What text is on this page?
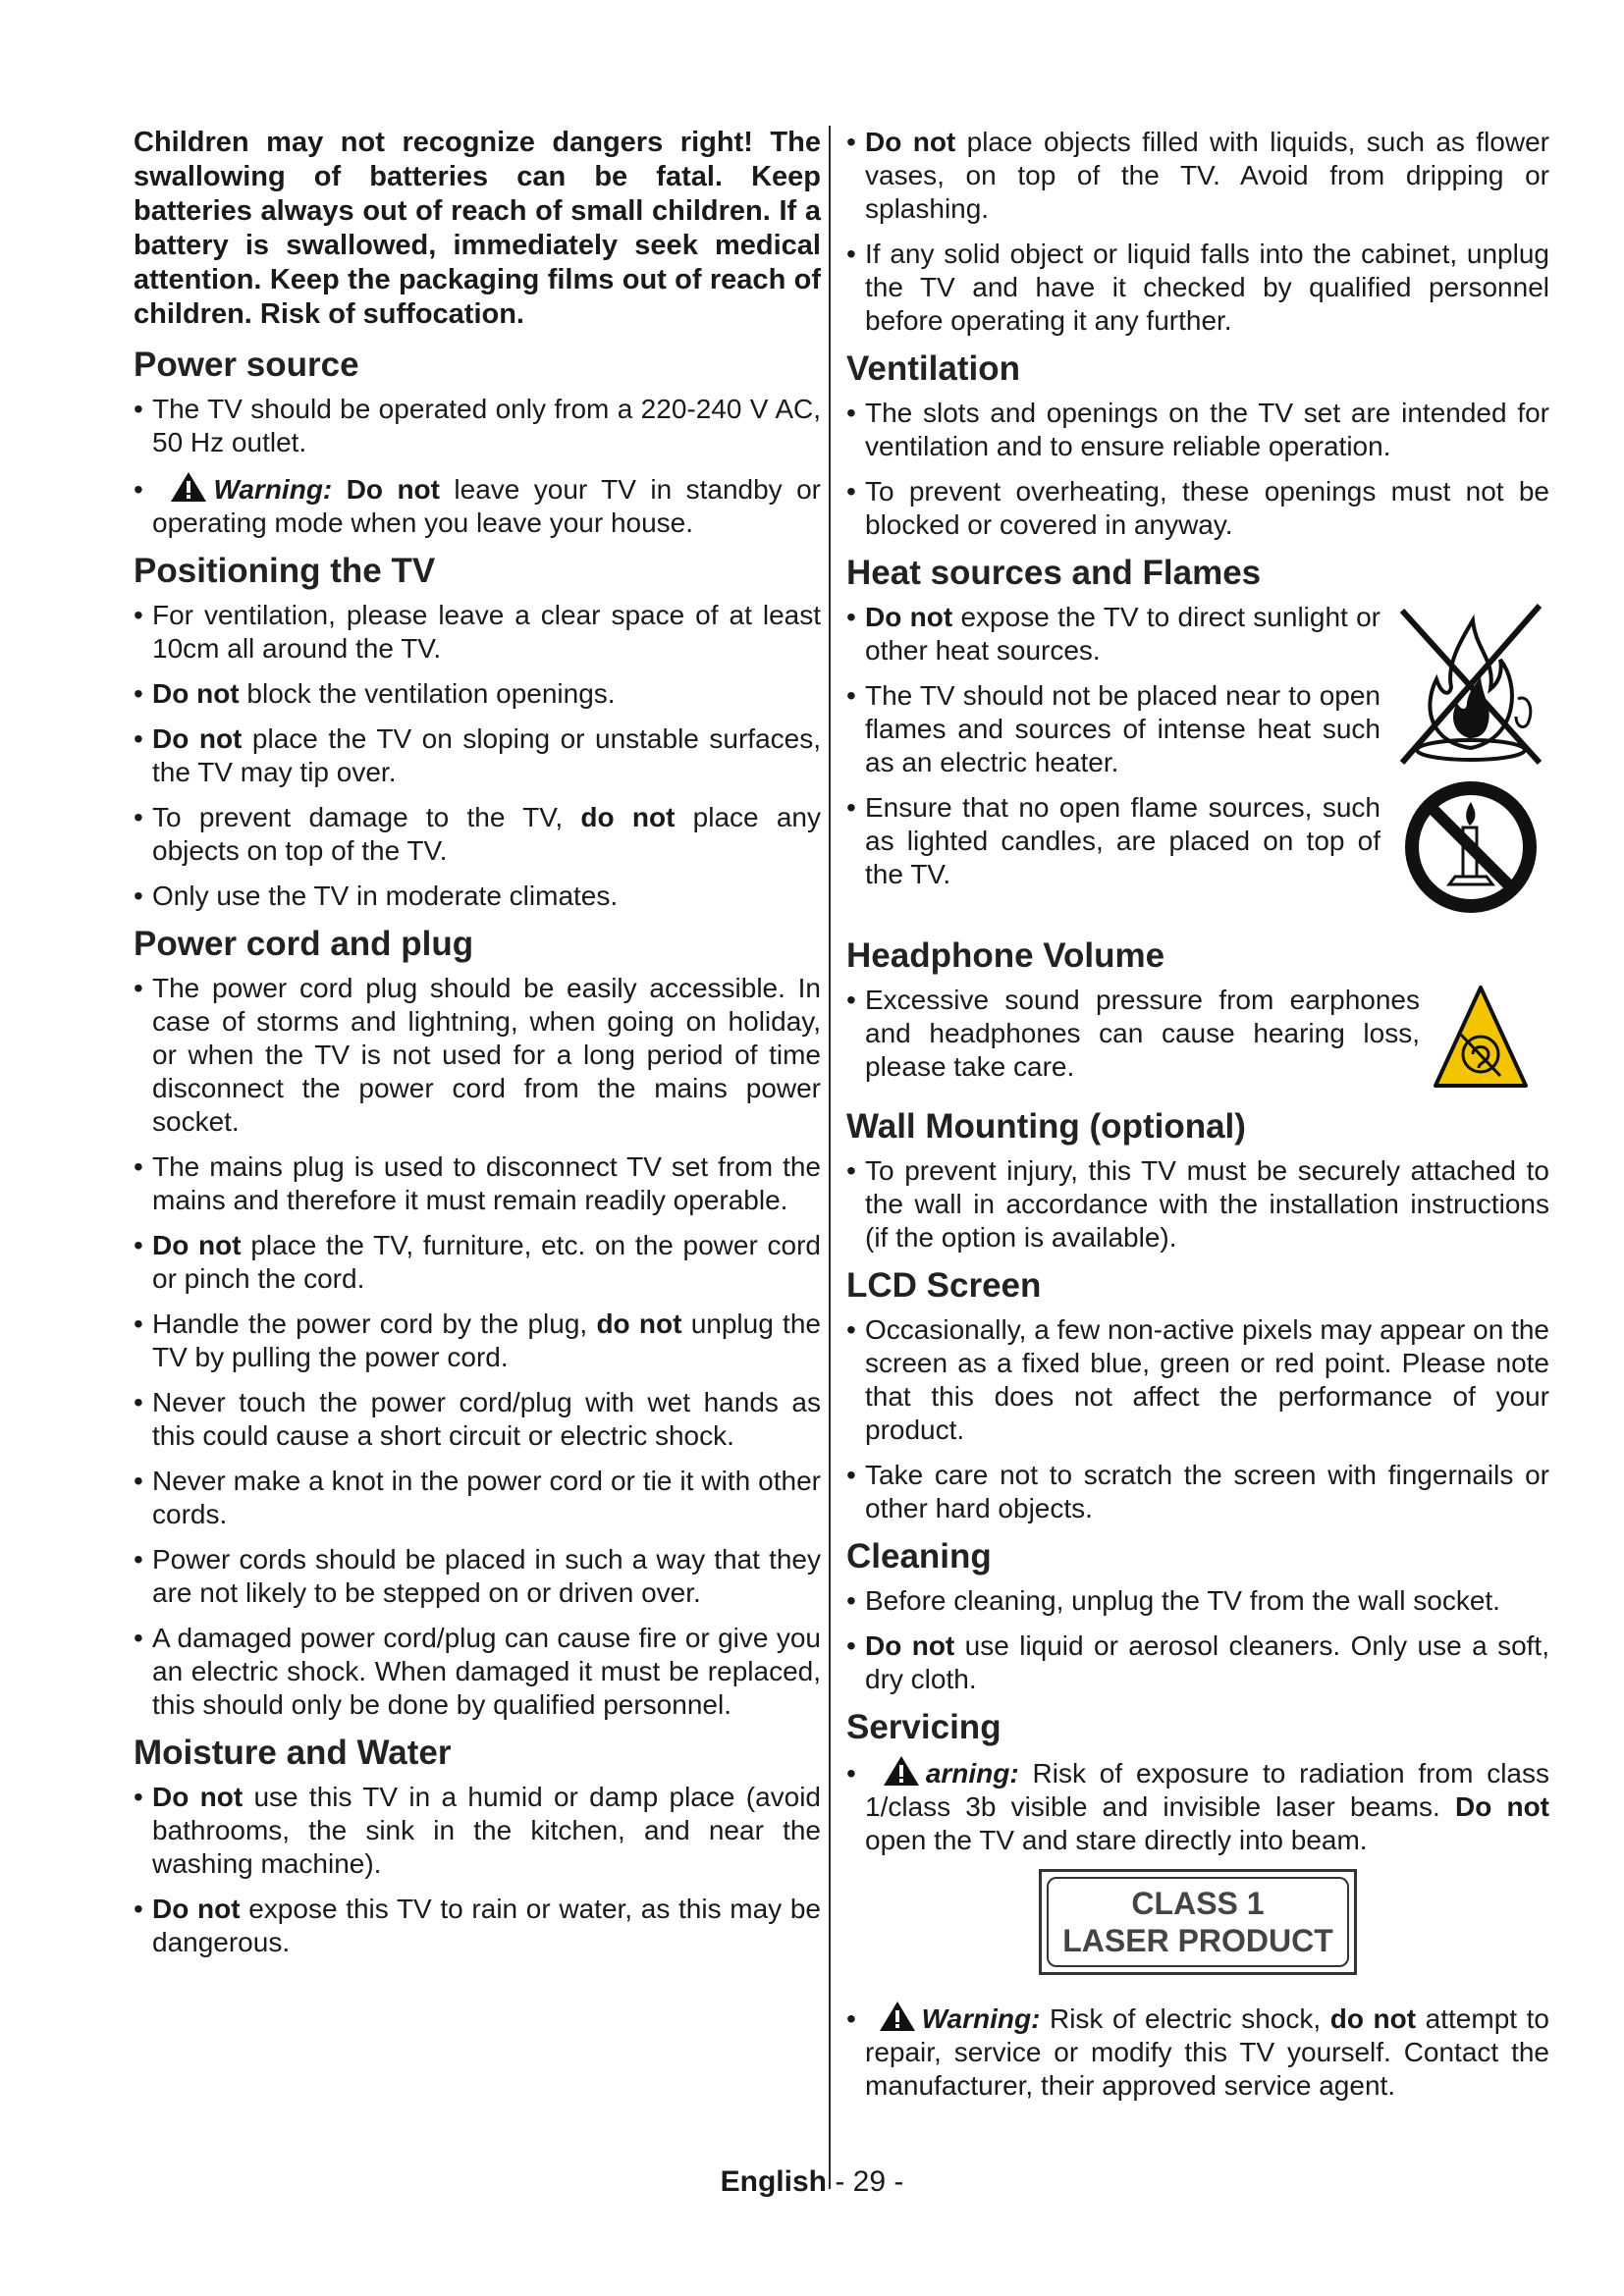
Children may not recognize dangers right! The swallowing of batteries can be fatal. Keep batteries always out of reach of small children. If a battery is swallowed, immediately seek medical attention. Keep the packaging films out of reach of children. Risk of suffocation.

Power source
• The TV should be operated only from a 220-240 V AC, 50 Hz outlet.
• Warning: Do not leave your TV in standby or operating mode when you leave your house.
Positioning the TV
• For ventilation, please leave a clear space of at least 10cm all around the TV.
• Do not block the ventilation openings.
• Do not place the TV on sloping or unstable surfaces, the TV may tip over.
• To prevent damage to the TV, do not place any objects on top of the TV.
• Only use the TV in moderate climates.
Power cord and plug
• The power cord plug should be easily accessible. In case of storms and lightning, when going on holiday, or when the TV is not used for a long period of time disconnect the power cord from the mains power socket.
• The mains plug is used to disconnect TV set from the mains and therefore it must remain readily operable.
• Do not place the TV, furniture, etc. on the power cord or pinch the cord.
• Handle the power cord by the plug, do not unplug the TV by pulling the power cord.
• Never touch the power cord/plug with wet hands as this could cause a short circuit or electric shock.
• Never make a knot in the power cord or tie it with other cords.
• Power cords should be placed in such a way that they are not likely to be stepped on or driven over.
• A damaged power cord/plug can cause fire or give you an electric shock. When damaged it must be replaced, this should only be done by qualified personnel.
Moisture and Water
• Do not use this TV in a humid or damp place (avoid bathrooms, the sink in the kitchen, and near the washing machine).
• Do not expose this TV to rain or water, as this may be dangerous.
• Do not place objects filled with liquids, such as flower vases, on top of the TV. Avoid from dripping or splashing.
• If any solid object or liquid falls into the cabinet, unplug the TV and have it checked by qualified personnel before operating it any further.
Ventilation
• The slots and openings on the TV set are intended for ventilation and to ensure reliable operation.
• To prevent overheating, these openings must not be blocked or covered in anyway.
Heat sources and Flames

• Do not expose the TV to direct sunlight or other heat sources.
• The TV should not be placed near to open flames and sources of intense heat such as an electric heater.
• Ensure that no open flame sources, such as lighted candles, are placed on top of the TV.
Headphone Volume
• Excessive sound pressure from earphones and headphones can cause hearing loss, please take care.
Wall Mounting (optional)
• To prevent injury, this TV must be securely attached to the wall in accordance with the installation instructions (if the option is available).
LCD Screen
• Occasionally, a few non-active pixels may appear on the screen as a fixed blue, green or red point. Please note that this does not affect the performance of your product.
• Take care not to scratch the screen with fingernails or other hard objects.
Cleaning
• Before cleaning, unplug the TV from the wall socket.
• Do not use liquid or aerosol cleaners. Only use a soft, dry cloth.
Servicing
• arning: Risk of exposure to radiation from class 1/class 3b visible and invisible laser beams. Do not open the TV and stare directly into beam.
CLASS 1
LASER PRODUCT
• Warning: Risk of electric shock, do not attempt to repair, service or modify this TV yourself. Contact the manufacturer, their approved service agent.
English - 29 -
